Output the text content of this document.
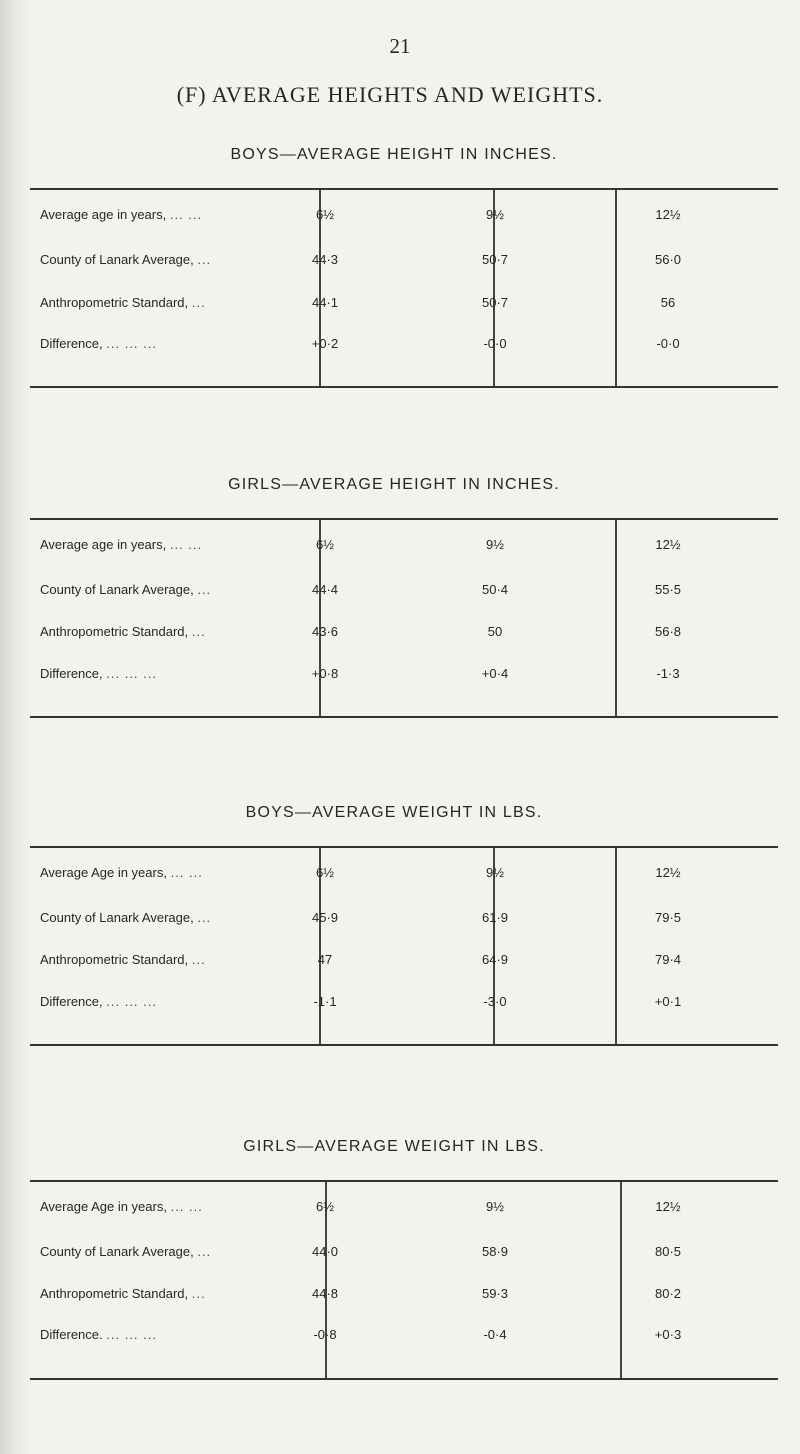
21
(F) AVERAGE HEIGHTS AND WEIGHTS.
BOYS—AVERAGE HEIGHT IN INCHES.
Average age in years, ... ...	6½	9½	12½
County of Lanark Average, ...	44·3	50·7	56·0
Anthropometric Standard, ...	44·1	50·7	56
Difference, ... ... ...	+0·2	-0·0	-0·0
GIRLS—AVERAGE HEIGHT IN INCHES.
Average age in years, ... ...	6½	9½	12½
County of Lanark Average, ...	44·4	50·4	55·5
Anthropometric Standard, ...	43·6	50	56·8
Difference, ... ... ...	+0·8	+0·4	-1·3
BOYS—AVERAGE WEIGHT IN LBS.
Average Age in years, ... ...	6½	9½	12½
County of Lanark Average, ...	45·9	61·9	79·5
Anthropometric Standard, ...	47	64·9	79·4
Difference, ... ... ...	-1·1	-3·0	+0·1
GIRLS—AVERAGE WEIGHT IN LBS.
Average Age in years, ... ...	6½	9½	12½
County of Lanark Average, ...	44·0	58·9	80·5
Anthropometric Standard, ...	44·8	59·3	80·2
Difference. ... ... ...	-0·8	-0·4	+0·3
